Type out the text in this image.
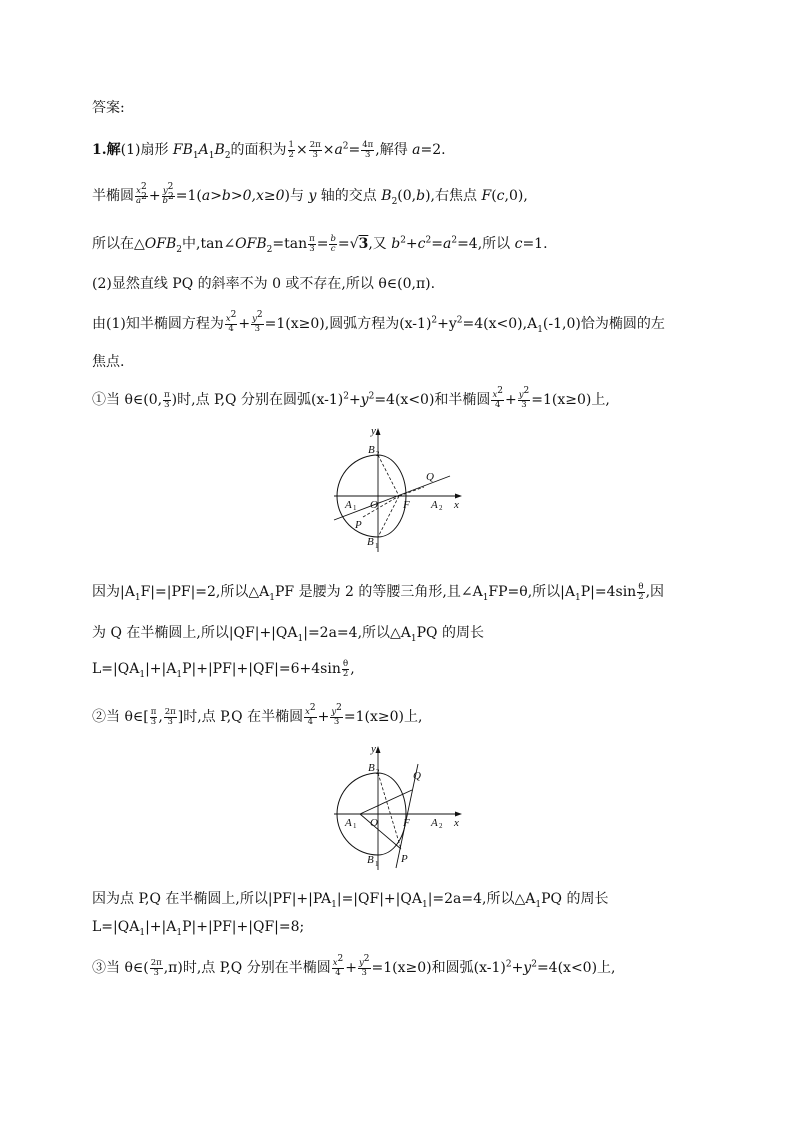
答案:
1.解(1)扇形 $FB_1A_1B_2$的面积为 $\frac{1}{2} \times \frac{2\pi}{3} \times a^2= \frac{4\pi}{3}$ ,解得 a=2.
半椭圆 $\frac{x^2}{a^2} + \frac{y^2}{b^2} =1(a>b>0,x\ge 0)$与 y 轴的交点 $B_2(0,b)$,右焦点 F(c,0),
所以在$\triangle OFB_2$中$,\tan\angle OFB_2=\tan \frac{\pi}{3} = \frac{b}{c} =√3$,又 $b^2+c^2=a^2=4$,所以 c=1.
(2)显然直线 PQ 的斜率不为 0 或不存在,所以 θ∈(0,π).
由(1)知半椭圆方程为 $\frac{x^2}{4} + \frac{y^2}{3} =1(x\ge 0)$,圆弧方程为$(x-1)^2+y^2=4(x<0),A_1(-1,0)$恰为椭圆的左
焦点.
①当 θ∈(0, $\frac{\pi}{3}$ )时,点 P,Q 分别在圆弧$(x-1)^2+y^2=4(x<0)$和半椭圆 $\frac{x^2}{4} + \frac{y^2}{3} =1(x\ge 0)$上,
y
B 2
Q
x
A 1 O F A 2
P
B 1
因为$|A_1F|=|PF|=2$,所以$\triangle A_1PF$ 是腰为 2 的等腰三角形,且$\angle A_1FP=\theta$,所以$|A_1P|=4\sin \frac{\theta}{2}$ ,因
为 Q 在半椭圆上,所以$|QF|+|QA_1|=2a=4$,所以$\triangle A_1PQ$ 的周长
$L=|QA_1|+|A_1P|+|PF|+|QF|=6+4\sin \frac{\theta}{2}$ ,
②当 θ∈[ $\frac{\pi}{3}$ , $\frac{2\pi}{3}$ ]时,点 P,Q 在半椭圆 $\frac{x^2}{4} + \frac{y^2}{3} =1(x\ge 0)$上,
y
B 2	Q
x
A 1 O F A 2
B 1 P
因为点 P,Q 在半椭圆上,所以$|PF|+|PA_1|=|QF|+|QA_1|=2a=4$,所以$\triangle A_1PQ$ 的周长
$L=|QA_1|+|A_1P|+|PF|+|QF|=8$;
③当 θ∈( $\frac{2\pi}{3} ,\pi$)时,点 P,Q 分别在半椭圆 $\frac{x^2}{4} + \frac{y^2}{3} =1(x\ge 0)$和圆弧$(x-1)^2+y^2=4(x<0)$上,
